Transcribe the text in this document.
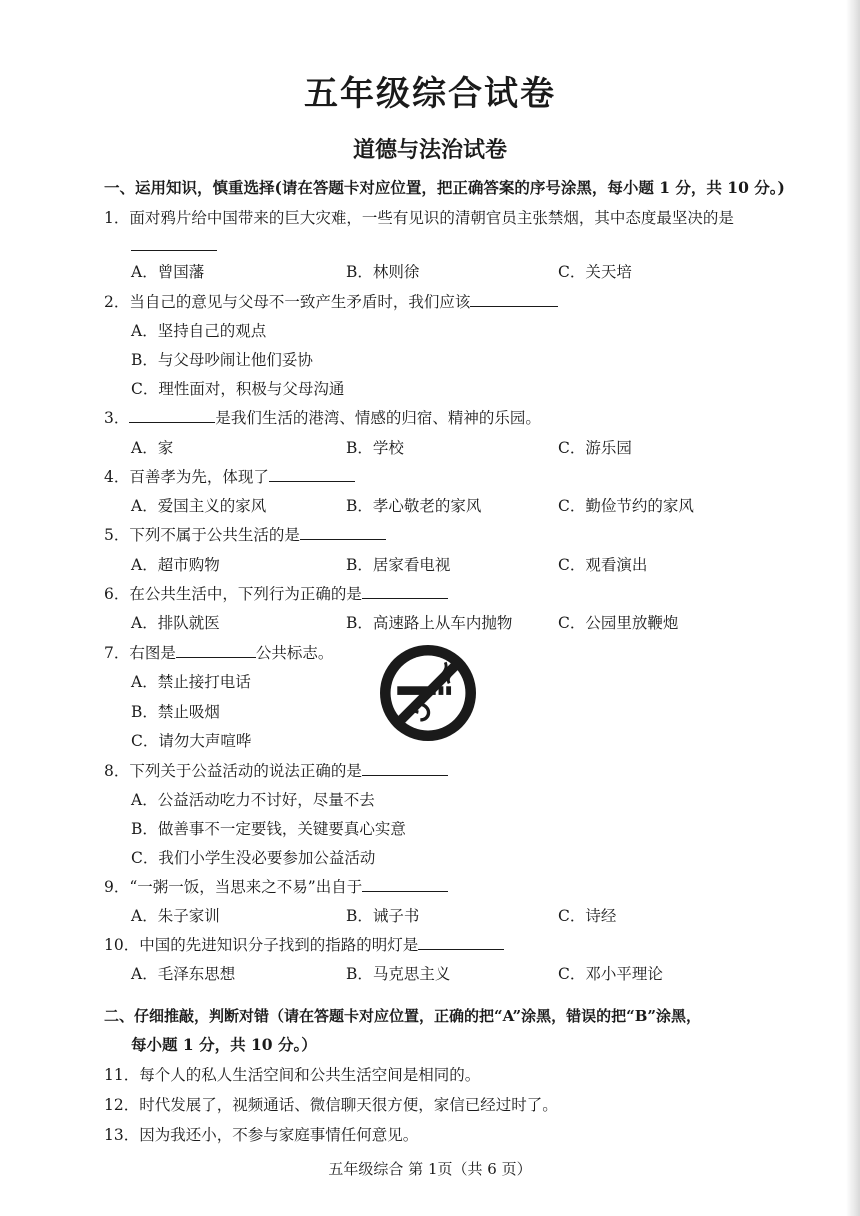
五年级综合试卷
道德与法治试卷
一、运用知识，慎重选择(请在答题卡对应位置，把正确答案的序号涂黑，每小题 1 分，共 10 分。)
1．面对鸦片给中国带来的巨大灾难，一些有见识的清朝官员主张禁烟，其中态度最坚决的是
A．曾国藩	B．林则徐	C．关天培
2．当自己的意见与父母不一致产生矛盾时，我们应该
A．坚持自己的观点
B．与父母吵闹让他们妥协
C．理性面对，积极与父母沟通
3．	是我们生活的港湾、情感的归宿、精神的乐园。
A．家	B．学校	C．游乐园
4．百善孝为先，体现了
A．爱国主义的家风	B．孝心敬老的家风	C．勤俭节约的家风
5．下列不属于公共生活的是
A．超市购物	B．居家看电视	C．观看演出
6．在公共生活中，下列行为正确的是
A．排队就医	B．高速路上从车内抛物	C．公园里放鞭炮
7．右图是	公共标志。
A．禁止接打电话
B．禁止吸烟
C．请勿大声喧哗
8．下列关于公益活动的说法正确的是
A．公益活动吃力不讨好，尽量不去
B．做善事不一定要钱，关键要真心实意
C．我们小学生没必要参加公益活动
9．“一粥一饭，当思来之不易”出自于
A．朱子家训	B．诫子书	C．诗经
10．中国的先进知识分子找到的指路的明灯是
A．毛泽东思想	B．马克思主义	C．邓小平理论
二、仔细推敲，判断对错（请在答题卡对应位置，正确的把“A”涂黑，错误的把“B”涂黑，
每小题 1 分，共 10 分。）
11．每个人的私人生活空间和公共生活空间是相同的。
12．时代发展了，视频通话、微信聊天很方便，家信已经过时了。
13．因为我还小，不参与家庭事情任何意见。
五年级综合 第 1页（共 6 页）
